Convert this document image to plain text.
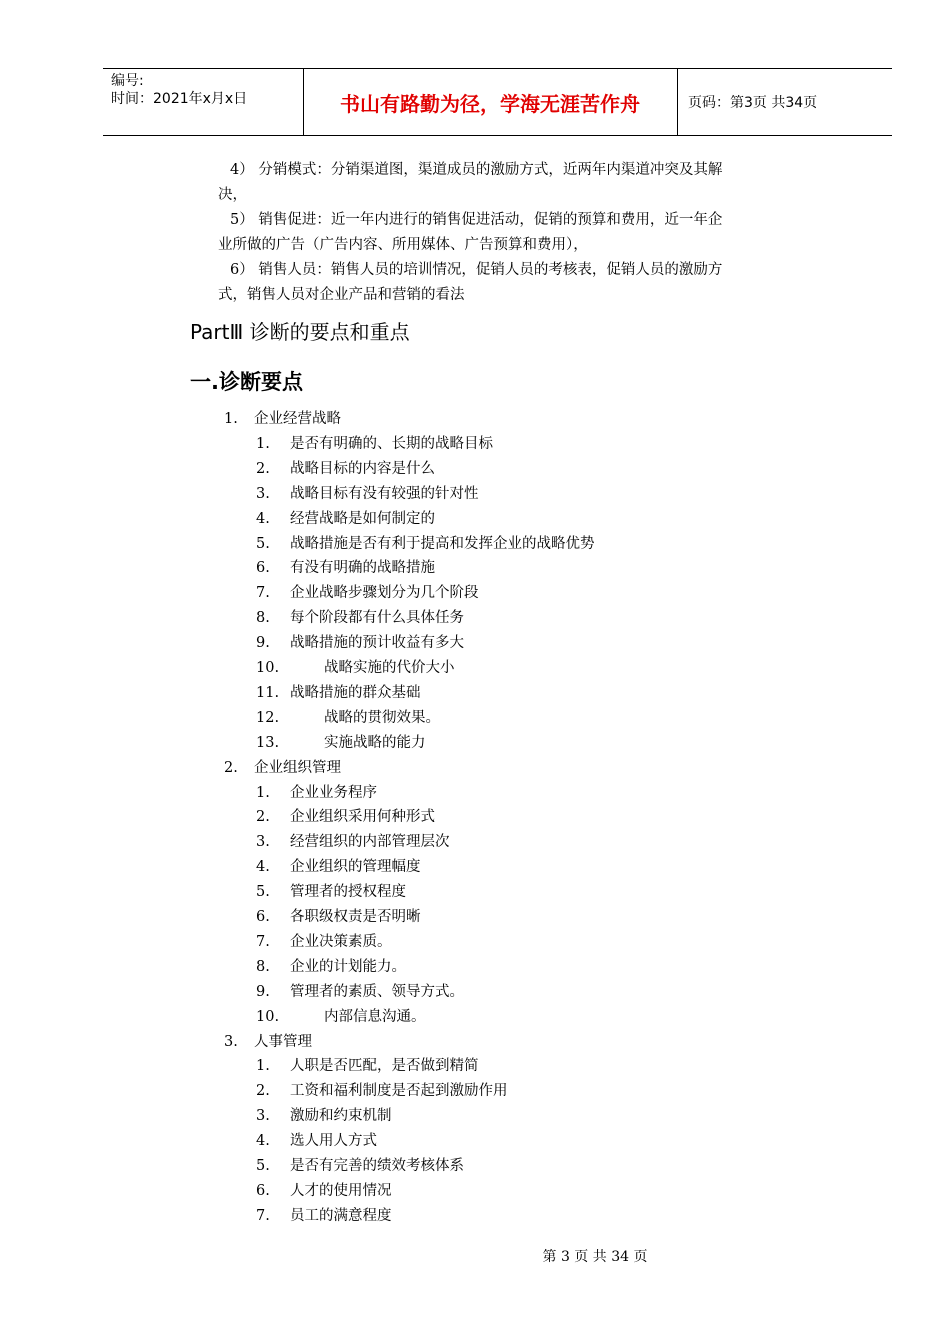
编号:
时间：2021年x月x日	书山有路勤为径，学海无涯苦作舟	页码：第3页 共34页
4） 分销模式：分销渠道图，渠道成员的激励方式，近两年内渠道冲突及其解
决，
5） 销售促进：近一年内进行的销售促进活动，促销的预算和费用，近一年企
业所做的广告（广告内容、所用媒体、广告预算和费用），
6） 销售人员：销售人员的培训情况，促销人员的考核表，促销人员的激励方
式，销售人员对企业产品和营销的看法
PartⅢ 诊断的要点和重点
一.诊断要点
1. 企业经营战略
1. 是否有明确的、长期的战略目标
2. 战略目标的内容是什么
3. 战略目标有没有较强的针对性
4. 经营战略是如何制定的
5. 战略措施是否有利于提高和发挥企业的战略优势
6. 有没有明确的战略措施
7. 企业战略步骤划分为几个阶段
8. 每个阶段都有什么具体任务
9. 战略措施的预计收益有多大
10.	战略实施的代价大小
11. 战略措施的群众基础
12.	战略的贯彻效果。
13.	实施战略的能力
2. 企业组织管理
1. 企业业务程序
2. 企业组织采用何种形式
3. 经营组织的内部管理层次
4. 企业组织的管理幅度
5. 管理者的授权程度
6. 各职级权责是否明晰
7. 企业决策素质。
8. 企业的计划能力。
9. 管理者的素质、领导方式。
10.	内部信息沟通。
3. 人事管理
1. 人职是否匹配，是否做到精简
2. 工资和福利制度是否起到激励作用
3. 激励和约束机制
4. 选人用人方式
5. 是否有完善的绩效考核体系
6. 人才的使用情况
7. 员工的满意程度
第 3 页 共 34 页
